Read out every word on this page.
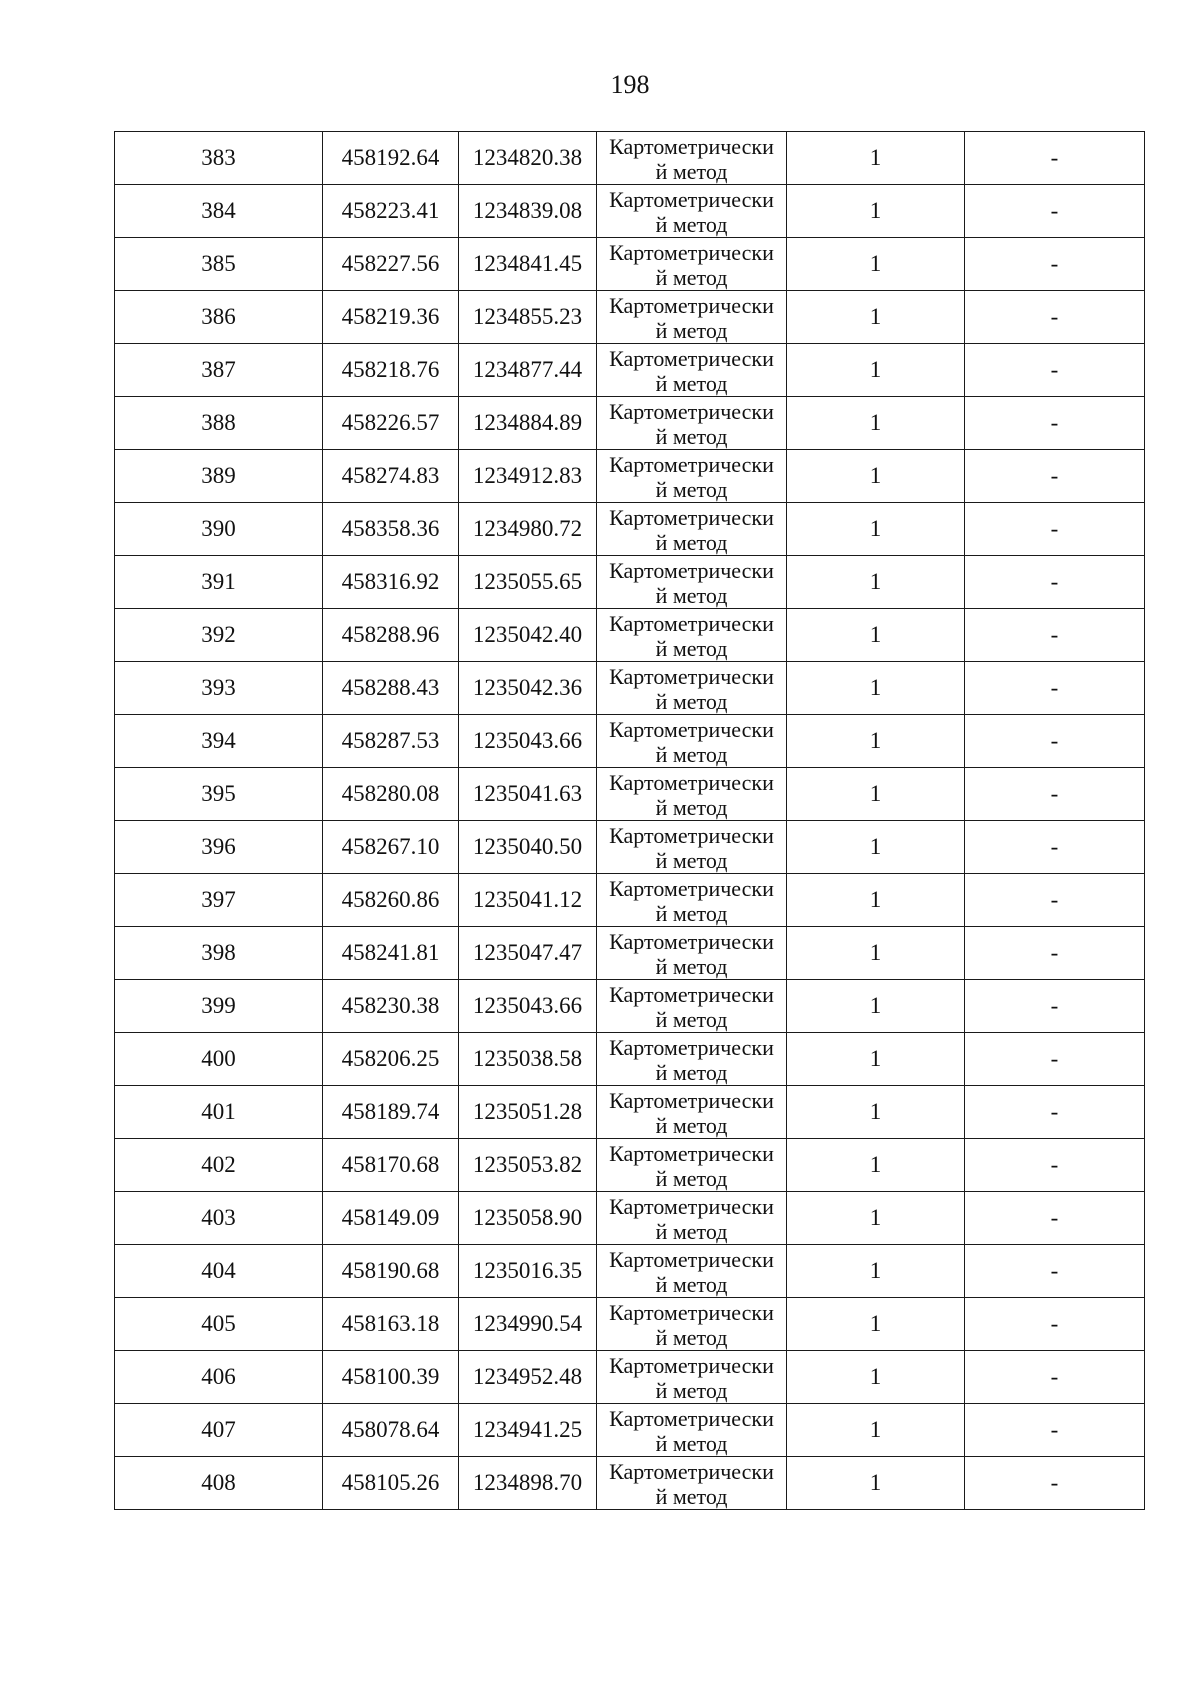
198
383	458192.64	1234820.38	Картометрически
й метод	1	-
384	458223.41	1234839.08	Картометрически
й метод	1	-
385	458227.56	1234841.45	Картометрически
й метод	1	-
386	458219.36	1234855.23	Картометрически
й метод	1	-
387	458218.76	1234877.44	Картометрически
й метод	1	-
388	458226.57	1234884.89	Картометрически
й метод	1	-
389	458274.83	1234912.83	Картометрически
й метод	1	-
390	458358.36	1234980.72	Картометрически
й метод	1	-
391	458316.92	1235055.65	Картометрически
й метод	1	-
392	458288.96	1235042.40	Картометрически
й метод	1	-
393	458288.43	1235042.36	Картометрически
й метод	1	-
394	458287.53	1235043.66	Картометрически
й метод	1	-
395	458280.08	1235041.63	Картометрически
й метод	1	-
396	458267.10	1235040.50	Картометрически
й метод	1	-
397	458260.86	1235041.12	Картометрически
й метод	1	-
398	458241.81	1235047.47	Картометрически
й метод	1	-
399	458230.38	1235043.66	Картометрически
й метод	1	-
400	458206.25	1235038.58	Картометрически
й метод	1	-
401	458189.74	1235051.28	Картометрически
й метод	1	-
402	458170.68	1235053.82	Картометрически
й метод	1	-
403	458149.09	1235058.90	Картометрически
й метод	1	-
404	458190.68	1235016.35	Картометрически
й метод	1	-
405	458163.18	1234990.54	Картометрически
й метод	1	-
406	458100.39	1234952.48	Картометрически
й метод	1	-
407	458078.64	1234941.25	Картометрически
й метод	1	-
408	458105.26	1234898.70	Картометрически
й метод	1	-
